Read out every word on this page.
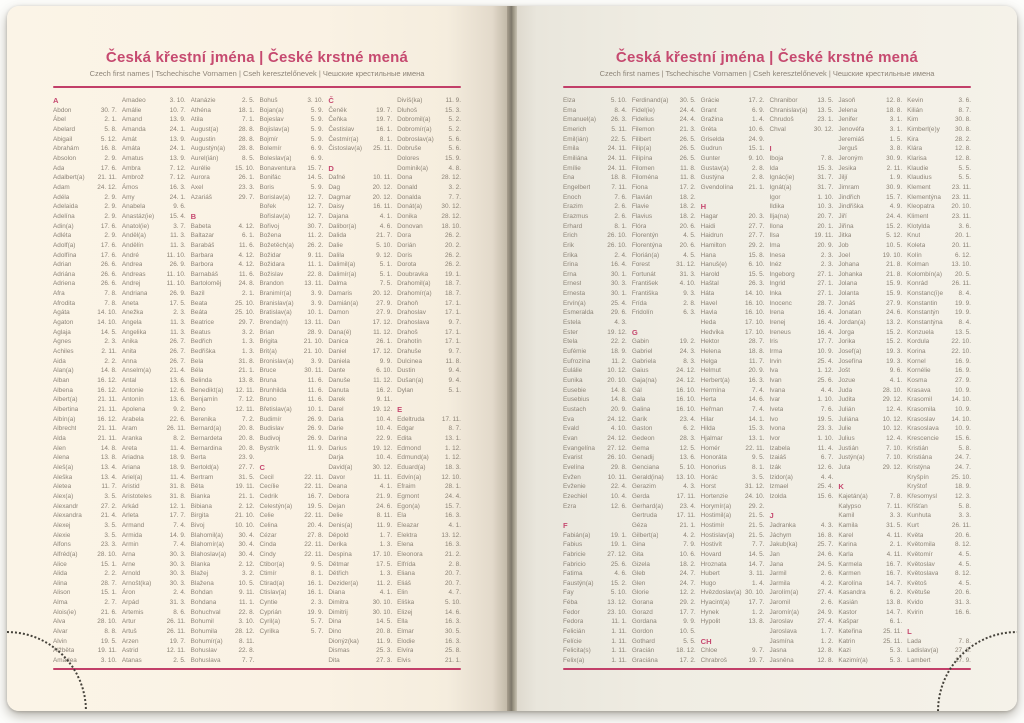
Česká křestní jména | České krstné mená
Czech first names | Tschechische Vornamen | Cseh keresztelőnevek | Чешские крестильные имена
A
Abdon	30. 7.
Ábel	2. 1.
Abelard	5. 8.
Abigail	5. 12.
Abrahám	16. 8.
Absolon	2. 9.
Ada	17. 6.
Adalbert(a)	21. 11.
Adam	24. 12.
Adéla	2. 9.
Adelaida	2. 9.
Adelína	2. 9.
Adin(a)	17. 6.
Adléta	2. 9.
Adolf(a)	17. 6.
Adolfína	17. 6.
Adrian	26. 6.
Adriána	26. 6.
Adriena	26. 6.
Afra	7. 8.
Afrodita	7. 8.
Agáta	14. 10.
Agaton	14. 10.
Aglaja	14. 5.
Agnes	2. 3.
Achiles	2. 11.
Aida	2. 2.
Alan(a)	14. 8.
Alban	16. 12.
Albena	16. 12.
Albert(a)	21. 11.
Albertina	21. 11.
Albín(a)	16. 12.
Albrecht	21. 11.
Alda	21. 11.
Alen	14. 8.
Alena	13. 8.
Aleš(a)	13. 4.
Aleška	13. 4.
Aletea	11. 7.
Alex(a)	3. 5.
Alexandr	27. 2.
Alexandra	21. 4.
Alexej	3. 5.
Alexie	3. 5.
Alfons	23. 3.
Alfréd(a)	28. 10.
Alice	15. 1.
Alida	2. 2.
Alina	28. 7.
Alison	15. 1.
Alma	2. 7.
Alois(ie)	21. 6.
Alva	28. 10.
Alvar	8. 8.
Alvin	19. 5.
Alžběta	19. 11.
Amadea	3. 10.
Amadeo	3. 10.
Amálie	10. 7.
Amand	13. 9.
Amanda	24. 1.
Amát	13. 9.
Amáta	24. 1.
Amatus	13. 9.
Ambra	7. 12.
Ambrož	7. 12.
Ámos	16. 3.
Amy	24. 1.
Anabela	9. 6.
Anastáz(ie)	15. 4.
Anatol(ie)	3. 7.
Anděl(a)	11. 3.
Andělín	11. 3.
André	11. 10.
Andrea	26. 9.
Andreas	11. 10.
Andrej	11. 10.
Andriana	26. 9.
Aneta	17. 5.
Anežka	2. 3.
Angela	11. 3.
Angelika	11. 3.
Anika	26. 7.
Anita	26. 7.
Anna	26. 7.
Anselm(a)	21. 4.
Antal	13. 6.
Antonie	12. 6.
Antonín	13. 6.
Apolena	9. 2.
Arabela	22. 6.
Aram	26. 11.
Aranka	8. 2.
Areta	11. 4.
Ariadna	18. 9.
Ariana	18. 9.
Ariel(a)	11. 4.
Aristid	31. 8.
Aristoteles	31. 8.
Arkád	12. 1.
Arleta	17. 7.
Armand	7. 4.
Armida	14. 9.
Armin	7. 4.
Arna	30. 3.
Arne	30. 3.
Arnold	30. 3.
Arnošt(ka)	30. 3.
Áron	2. 4.
Arpád	31. 3.
Artemis	8. 6.
Artur	26. 11.
Artuš	26. 11.
Arzen	19. 7.
Astrid	12. 11.
Atanas	2. 5.
Atanázie	2. 5.
Athéna	18. 1.
Atila	7. 1.
August(a)	28. 8.
Augustin	28. 8.
Augustýn(a)	28. 8.
Aurel(ián)	8. 5.
Aurélie	15. 10.
Aurora	26. 1.
Axel	23. 3.
Azariáš	29. 7.
B
Babeta	4. 12.
Baltazar	6. 1.
Barabáš	11. 6.
Barbara	4. 12.
Barbora	4. 12.
Barnabáš	11. 6.
Bartoloměj	24. 8.
Bazil	2. 1.
Beata	25. 10.
Beáta	25. 10.
Beatrice	29. 7.
Beatus	3. 2.
Bedřich	1. 3.
Bedřiška	1. 3.
Bela	31. 8.
Béla	21. 1.
Belinda	13. 8.
Benedikt(a)	12. 11.
Benjamín	7. 12.
Beno	12. 11.
Berenika	7. 2.
Bernard(a)	20. 8.
Bernardeta	20. 8.
Bernardina	20. 8.
Berta	23. 9.
Bertold(a)	27. 7.
Bertram	31. 5.
Běta	19. 11.
Bianka	21. 1.
Bibiana	2. 12.
Birgita	21. 10.
Bivoj	10. 10.
Blahomil(a)	30. 4.
Blahomír(a)	30. 4.
Blahoslav(a)	30. 4.
Blanka	2. 12.
Blažej	3. 2.
Blažena	10. 5.
Bohdan	9. 11.
Bohdana	11. 1.
Bohuchval	22. 8.
Bohumil	3. 10.
Bohumila	28. 12.
Bohumír(a)	8. 11.
Bohuslav	22. 8.
Bohuslava	7. 7.
Bohuš	3. 10.
Bojan(a)	5. 9.
Bojeslav	5. 9.
Bojislav(a)	5. 9.
Bojmír	5. 9.
Bolemír	6. 9.
Boleslav(a)	6. 9.
Bonaventura	15. 7.
Bonifác	14. 5.
Boris	5. 9.
Borislav(a)	12. 7.
Bořek	12. 7.
Bořislav(a)	12. 7.
Bořivoj	30. 7.
Božena	11. 2.
Božetěch(a)	26. 2.
Božidar	9. 11.
Božidara	11. 1.
Božislav	22. 8.
Brandon	13. 11.
Branimír(a)	3. 9.
Branislav(a)	3. 9.
Bratislav(a)	10. 1.
Brenda(n)	13. 11.
Brian	28. 9.
Brigita	21. 10.
Brit(a)	21. 10.
Bronislav(a)	3. 9.
Bruce	30. 11.
Bruna	11. 6.
Brunhilda	11. 6.
Bruno	11. 6.
Břetislav(a)	10. 1.
Budimír	26. 9.
Budislav	26. 9.
Budivoj	26. 9.
Bystrík	11. 9.
C
Cecil	22. 11.
Cecílie	22. 11.
Cedrik	16. 7.
Celestýn(a)	19. 5.
Celie	22. 11.
Celina	20. 4.
Cézar	27. 8.
Cinda	22. 11.
Cindy	22. 11.
Ctibor(a)	9. 5.
Ctimír	8. 1.
Ctirad(a)	16. 1.
Ctislav(a)	16. 1.
Cyntie	2. 3.
Cyprián	19. 9.
Cyril(a)	5. 7.
Cyrilka	5. 7.
Č
Čeněk	19. 7.
Čeňka	19. 7.
Čestislav	16. 1.
Čestmír(a)	8. 1.
Čistoslav(a)	25. 11.
D
Dafné	10. 11.
Dag	20. 12.
Dagmar	20. 12.
Daisy	16. 11.
Dajana	4. 1.
Dalibor(a)	4. 6.
Dalida	21. 7.
Dalie	5. 10.
Dalila	9. 12.
Dalimil(a)	5. 1.
Dalimír(a)	5. 1.
Dalma	7. 5.
Damaris	20. 12.
Damián(a)	27. 9.
Damon	27. 9.
Dan	17. 12.
Dana(é)	11. 12.
Danica	26. 1.
Daniel	17. 12.
Daniela	9. 9.
Dante	6. 10.
Danuše	11. 12.
Danuta	16. 2.
Darek	9. 11.
Darel	19. 12.
Daria	10. 4.
Darie	10. 4.
Darina	22. 9.
Darius	19. 12.
Darja	10. 4.
David(a)	30. 12.
Davor	11. 11.
Deana	4. 1.
Debora	21. 9.
Dejan	24. 6.
Delie	8. 11.
Denis(a)	11. 9.
Děpold	1. 7.
Derika	1. 3.
Despina	17. 10.
Dětmar	17. 5.
Dětřich	1. 3.
Dezider(a)	11. 2.
Diana	4. 1.
Dimitra	30. 10.
Dimitrij	30. 10.
Dina	14. 5.
Dino	20. 8.
Dionýz(ka)	11. 9.
Dismas	25. 3.
Dita	27. 3.
Divíš(ka)	11. 9.
Dluhoš	15. 3.
Dobromil(a)	5. 2.
Dobromír(a)	5. 2.
Dobroslav(a)	5. 6.
Dobruše	5. 6.
Dolores	15. 9.
Dominik(a)	4. 8.
Dona	28. 12.
Donald	3. 2.
Donalda	7. 7.
Donát(a)	30. 12.
Donika	28. 12.
Donovan	18. 10.
Dora	26. 2.
Dorián	20. 2.
Doris	26. 2.
Dorota	26. 2.
Doubravka	19. 1.
Drahomil(a)	18. 7.
Drahomír(a)	18. 7.
Drahoň	17. 1.
Drahoslav	17. 1.
Drahoslava	9. 7.
Drahoš	17. 1.
Drahotín	17. 1.
Drahuše	9. 7.
Dulcinea	11. 8.
Dustin	9. 4.
Dušan(a)	9. 4.
Dylan	5. 1.
E
Edeltruda	17. 11.
Edgar	8. 7.
Edita	13. 1.
Edmond	1. 12.
Edmund(a)	1. 12.
Eduard(a)	18. 3.
Edvín(a)	12. 10.
Efraim	28. 1.
Egmont	24. 4.
Egon(a)	15. 7.
Ela	16. 3.
Eleazar	4. 1.
Elektra	13. 12.
Elena	16. 3.
Eleonora	21. 2.
Elfrída	2. 8.
Eliana	20. 7.
Eliáš	20. 7.
Elin	4. 7.
Eliška	5. 10.
Elizej	14. 6.
Ella	16. 3.
Elmar	30. 5.
Elodie	16. 3.
Elvíra	25. 8.
Elvis	21. 1.
Česká křestní jména | České krstné mená
Czech first names | Tschechische Vornamen | Cseh keresztelőnevek | Чешские крестильные имена
Elza	5. 10.
Ema	8. 4.
Emanuel(a)	26. 3.
Emerich	5. 11.
Emil(ián)	22. 5.
Emila	24. 11.
Emiliána	24. 11.
Emílie	24. 11.
Ena	18. 8.
Engelbert	7. 11.
Enoch	7. 6.
Erazim	2. 6.
Erazmus	2. 6.
Erhard	8. 1.
Erich	26. 10.
Erik	26. 10.
Erika	2. 4.
Erina	16. 4.
Erna	30. 1.
Ernest	30. 3.
Ernesta	30. 1.
Ervín(a)	25. 4.
Esmeralda	29. 6.
Estela	4. 3.
Ester	19. 12.
Etela	22. 2.
Eufémie	18. 9.
Eufrozína	11. 2.
Eulálie	10. 12.
Eunika	20. 10.
Eusebie	14. 8.
Eusebius	14. 8.
Eustach	20. 9.
Eva	24. 12.
Evald	4. 10.
Evan	24. 12.
Evangelína	27. 12.
Evarist	26. 10.
Evelína	29. 8.
Evžen	10. 11.
Evženie	22. 4.
Ezechiel	10. 4.
Ezra	12. 6.
F
Fabián(a)	19. 1.
Fabius	19. 1.
Fabricie	27. 12.
Fabricio	25. 6.
Fatima	4. 6.
Faustýn(a)	15. 2.
Fay	5. 10.
Féba	13. 12.
Fedor	23. 10.
Fedora	11. 1.
Felicián	1. 11.
Felície	1. 11.
Felicita(s)	1. 11.
Felix(a)	1. 11.
Ferdinand(a)	30. 5.
Fidel(ie)	24. 4.
Fidelius	24. 4.
Filemon	21. 3.
Filibert	26. 5.
Filip(a)	26. 5.
Filipína	26. 5.
Filomen	11. 8.
Filoména	11. 8.
Fiona	17. 2.
Flavián	18. 2.
Flavie	18. 2.
Flavius	18. 2.
Flóra	20. 6.
Florentýn	4. 5.
Florentýna	20. 6.
Florián(a)	4. 5.
Forest	31. 12.
Fortunát	31. 3.
František	4. 10.
Františka	9. 3.
Frída	2. 8.
Fridolín	6. 3.
G
Gabin	19. 2.
Gabriel	24. 3.
Gabriela	8. 3.
Gaius	24. 12.
Gaja(na)	24. 12.
Gál	16. 10.
Gala	16. 10.
Galina	16. 10.
Garik	23. 4.
Gaston	6. 2.
Gedeon	28. 3.
Gema	12. 5.
Genadij	13. 6.
Genciana	5. 10.
Gerald(ina)	13. 10.
Gerazim	4. 3.
Gerda	17. 11.
Gerhard(a)	23. 4.
Gertruda	17. 11.
Géza	21. 1.
Gilbert(a)	4. 2.
Gina	7. 9.
Gita	10. 6.
Gizela	18. 2.
Gleb	24. 7.
Glen	24. 7.
Glorie	12. 2.
Gorana	29. 2.
Gorazd	17. 7.
Gordana	9. 9.
Gordon	10. 5.
Gothard	5. 5.
Gracián	18. 12.
Graciána	17. 2.
Grácie	17. 2.
Grant	6. 9.
Gražina	1. 4.
Gréta	10. 6.
Griselda	24. 9.
Gudrun	15. 1.
Gunter	9. 10.
Gustav(a)	2. 8.
Gustýna	2. 8.
Gvendolína	21. 1.
H
Hagar	20. 3.
Haidi	27. 7.
Haidrun	27. 7.
Hamilton	29. 2.
Hana	15. 8.
Hanuš(e)	6. 10.
Harold	15. 5.
Haštal	26. 3.
Háta	14. 10.
Havel	16. 10.
Havla	16. 10.
Heda	17. 10.
Hedvika	17. 10.
Hektor	28. 7.
Helena	18. 8.
Helga	11. 7.
Helmut	20. 9.
Herbert(a)	16. 3.
Hermína	7. 4.
Herta	14. 6.
Heřman	7. 4.
Hilar	14. 1.
Hilda	15. 3.
Hjalmar	13. 1.
Homér	22. 11.
Honoráta	9. 5.
Honorius	8. 1.
Horác	3. 5.
Horst	31. 12.
Hortenzie	24. 10.
Horymír(a)	29. 2.
Hostimil(a)	21. 5.
Hostimír	21. 5.
Hostislav(a)	21. 5.
Hostivít	7. 7.
Hovard	14. 5.
Hroznata	14. 7.
Hubert	3. 11.
Hugo	1. 4.
Hvězdoslav(a) 30. 10.
Hyacint(a)	17. 7.
Hynek	1. 2.
Hypolit	13. 8.
CH
Chloe	9. 7.
Chrabroš	19. 7.
Chranibor	13. 5.
Chranislav(a)	13. 5.
Chrudoš	23. 1.
Chval	30. 12.
I
Iboja	7. 8.
Ida	15. 3.
Ignác(ie)	31. 7.
Ignát(a)	31. 7.
Igor	1. 10.
Ildika	10. 3.
Ilja(na)	20. 7.
Ilona	20. 1.
Ilsa	19. 11.
Ima	20. 9.
Inesa	2. 3.
Inéz	2. 3.
Ingeborg	27. 1.
Ingrid	27. 1.
Inka	27. 1.
Inocenc	28. 7.
Irena	16. 4.
Irenej	16. 4.
Ireneus	16. 4.
Iris	17. 7.
Irma	10. 9.
Irvin	25. 4.
Iva	1. 12.
Ivan	25. 6.
Ivana	4. 4.
Ivar	1. 10.
Iveta	7. 6.
Ivo	19. 5.
Ivona	23. 3.
Ivor	1. 10.
Izabela	11. 4.
Izaiáš	6. 7.
Izák	12. 6.
Izidor(a)	4. 4.
Izmael	25. 4.
Izolda	15. 6.
J
Jadranka	4. 3.
Jáchym	16. 8.
Jakub(ka)	25. 7.
Jan	24. 6.
Jana	24. 5.
Jarmil	2. 6.
Jarmila	4. 2.
Jarolím(a)	27. 4.
Jaromil	2. 6.
Jaromír(a)	24. 9.
Jaroslav	27. 4.
Jaroslava	1. 7.
Jasmína	1. 2.
Jasna	12. 8.
Jasněna	12. 8.
Jasoň	12. 8.
Jelena	18. 8.
Jenifer	3. 1.
Jenovéfa	3. 1.
Jeremiáš	1. 5.
Jerguš	3. 8.
Jeroným	30. 9.
Jesika	2. 11.
Jiljí	1. 9.
Jimram	30. 9.
Jindřich	15. 7.
Jindřiška	4. 9.
Jiří	24. 4.
Jiřina	15. 2.
Jitka	5. 12.
Job	10. 5.
Joel	19. 10.
Johana	21. 8.
Johanka	21. 8.
Jolana	15. 9.
Jolanta	15. 9.
Jonáš	27. 9.
Jonatan	24. 6.
Jordan(a)	13. 2.
Jorga	15. 2.
Jorika	15. 2.
Josef(a)	19. 3.
Josefína	19. 3.
Jošt	9. 6.
Jozue	4. 1.
Juda	28. 10.
Judita	29. 12.
Julián	12. 4.
Juliána	10. 12.
Julie	10. 12.
Julius	12. 4.
Justián	7. 10.
Justýn(a)	7. 10.
Juta	29. 12.
K
Kajetán(a)	7. 8.
Kalypso	7. 11.
Kamil	3. 3.
Kamila	31. 5.
Karel	4. 11.
Karina	2. 1.
Karla	4. 11.
Karmela	16. 7.
Karmen	16. 7.
Karolína	14. 7.
Kasandra	6. 2.
Kasián	13. 8.
Kastor	14. 7.
Kašpar	6. 1.
Kateřina	25. 11.
Katrin	25. 11.
Kazi	5. 3.
Kazimír(a)	5. 3.
Kevin	3. 6.
Kilián	8. 7.
Kim	30. 8.
Kimberl(e)y	30. 8.
Kira	28. 2.
Klára	12. 8.
Klarisa	12. 8.
Klaudie	5. 5.
Klaudius	5. 5.
Klement	23. 11.
Klementýna	23. 11.
Kleopatra	20. 10.
Kliment	23. 11.
Klotylda	3. 6.
Knut	20. 1.
Koleta	20. 11.
Kolín	6. 12.
Kolman	13. 10.
Kolombín(a)	20. 5.
Konrád	26. 11.
Konstanc(i)e	8. 4.
Konstantin	19. 9.
Konstantýn	19. 9.
Konstantýna	8. 4.
Konzuela	13. 5.
Kordula	22. 10.
Korina	22. 10.
Kornel	16. 9.
Kornélie	16. 9.
Kosma	27. 9.
Krasava	10. 9.
Krasomil	14. 10.
Krasomila	10. 9.
Krasoslav	14. 10.
Krasoslava	10. 9.
Krescencie	15. 6.
Kristián	5. 8.
Kristiána	24. 7.
Kristýna	24. 7.
Kryšpín	25. 10.
Kryštof	18. 9.
Křesomysl	12. 3.
Křišťan	5. 8.
Kunhuta	3. 3.
Kurt	26. 11.
Květa	20. 6.
Květomila	8. 12.
Květomír	4. 5.
Květoslav	4. 5.
Květoslava	8. 12.
Květoš	4. 5.
Květuše	20. 6.
Kvido	31. 3.
Kvirin	16. 6.
L
Lada	7. 8.
Ladislav(a)	27. 6.
Lambert	17. 9.
